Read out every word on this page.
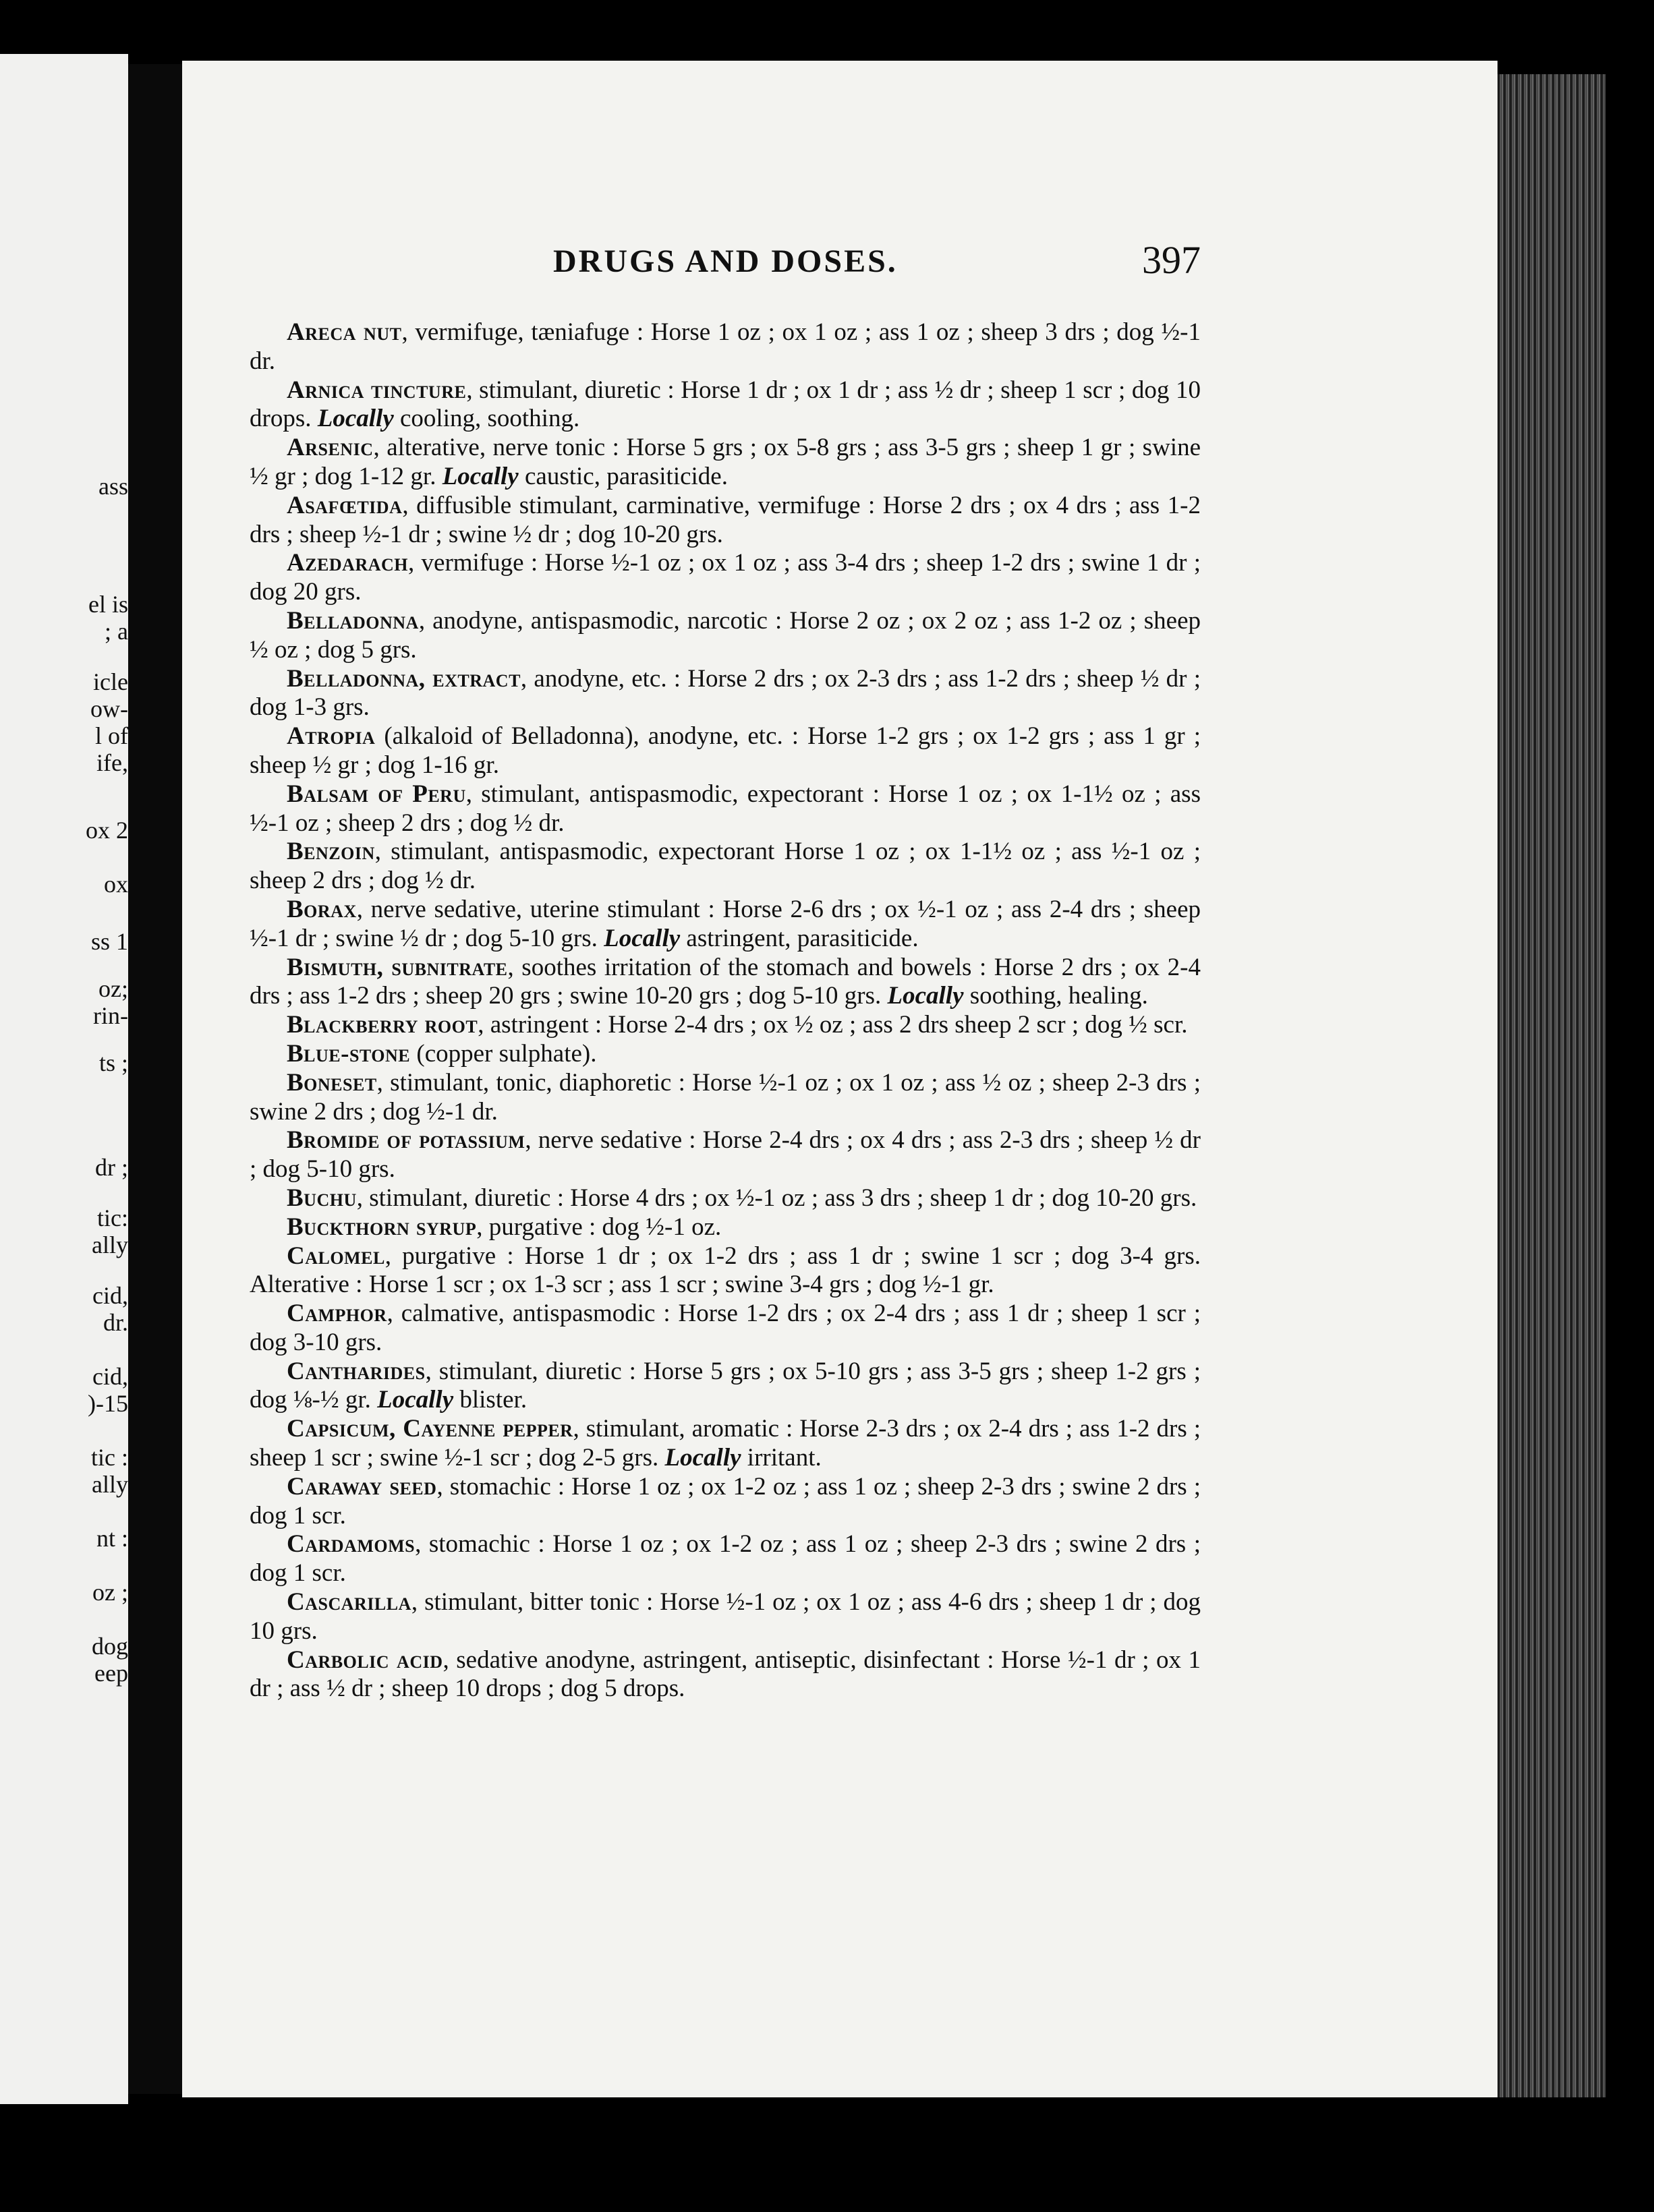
ass
el is
; a
icle
ow-
l of
ife,
ox 2
ox
ss 1
oz;
rin-
ts ;
dr ;
tic:
ally
cid,
dr.
cid,
)-15
tic :
ally
nt :
oz ;
dog
eep
DRUGS AND DOSES.	397

Areca nut, vermifuge, tæniafuge : Horse 1 oz ; ox 1 oz ; ass 1 oz ; sheep 3 drs ; dog ½-1 dr.

Arnica tincture, stimulant, diuretic : Horse 1 dr ; ox 1 dr ; ass ½ dr ; sheep 1 scr ; dog 10 drops. Locally cooling, soothing.

Arsenic, alterative, nerve tonic : Horse 5 grs ; ox 5-8 grs ; ass 3-5 grs ; sheep 1 gr ; swine ½ gr ; dog 1-12 gr. Locally caustic, parasiticide.

Asafœtida, diffusible stimulant, carminative, vermifuge : Horse 2 drs ; ox 4 drs ; ass 1-2 drs ; sheep ½-1 dr ; swine ½ dr ; dog 10-20 grs.

Azedarach, vermifuge : Horse ½-1 oz ; ox 1 oz ; ass 3-4 drs ; sheep 1-2 drs ; swine 1 dr ; dog 20 grs.

Belladonna, anodyne, antispasmodic, narcotic : Horse 2 oz ; ox 2 oz ; ass 1-2 oz ; sheep ½ oz ; dog 5 grs.

Belladonna, extract, anodyne, etc. : Horse 2 drs ; ox 2-3 drs ; ass 1-2 drs ; sheep ½ dr ; dog 1-3 grs.

Atropia (alkaloid of Belladonna), anodyne, etc. : Horse 1-2 grs ; ox 1-2 grs ; ass 1 gr ; sheep ½ gr ; dog 1-16 gr.

Balsam of Peru, stimulant, antispasmodic, expectorant : Horse 1 oz ; ox 1-1½ oz ; ass ½-1 oz ; sheep 2 drs ; dog ½ dr.

Benzoin, stimulant, antispasmodic, expectorant Horse 1 oz ; ox 1-1½ oz ; ass ½-1 oz ; sheep 2 drs ; dog ½ dr.

Borax, nerve sedative, uterine stimulant : Horse 2-6 drs ; ox ½-1 oz ; ass 2-4 drs ; sheep ½-1 dr ; swine ½ dr ; dog 5-10 grs. Locally astringent, parasiticide.

Bismuth, subnitrate, soothes irritation of the stomach and bowels : Horse 2 drs ; ox 2-4 drs ; ass 1-2 drs ; sheep 20 grs ; swine 10-20 grs ; dog 5-10 grs. Locally soothing, healing.

Blackberry root, astringent : Horse 2-4 drs ; ox ½ oz ; ass 2 drs sheep 2 scr ; dog ½ scr.

Blue-stone (copper sulphate).

Boneset, stimulant, tonic, diaphoretic : Horse ½-1 oz ; ox 1 oz ; ass ½ oz ; sheep 2-3 drs ; swine 2 drs ; dog ½-1 dr.

Bromide of potassium, nerve sedative : Horse 2-4 drs ; ox 4 drs ; ass 2-3 drs ; sheep ½ dr ; dog 5-10 grs.

Buchu, stimulant, diuretic : Horse 4 drs ; ox ½-1 oz ; ass 3 drs ; sheep 1 dr ; dog 10-20 grs.

Buckthorn syrup, purgative : dog ½-1 oz.

Calomel, purgative : Horse 1 dr ; ox 1-2 drs ; ass 1 dr ; swine 1 scr ; dog 3-4 grs. Alterative : Horse 1 scr ; ox 1-3 scr ; ass 1 scr ; swine 3-4 grs ; dog ½-1 gr.

Camphor, calmative, antispasmodic : Horse 1-2 drs ; ox 2-4 drs ; ass 1 dr ; sheep 1 scr ; dog 3-10 grs.

Cantharides, stimulant, diuretic : Horse 5 grs ; ox 5-10 grs ; ass 3-5 grs ; sheep 1-2 grs ; dog ⅛-½ gr. Locally blister.

Capsicum, Cayenne pepper, stimulant, aromatic : Horse 2-3 drs ; ox 2-4 drs ; ass 1-2 drs ; sheep 1 scr ; swine ½-1 scr ; dog 2-5 grs. Locally irritant.

Caraway seed, stomachic : Horse 1 oz ; ox 1-2 oz ; ass 1 oz ; sheep 2-3 drs ; swine 2 drs ; dog 1 scr.

Cardamoms, stomachic : Horse 1 oz ; ox 1-2 oz ; ass 1 oz ; sheep 2-3 drs ; swine 2 drs ; dog 1 scr.

Cascarilla, stimulant, bitter tonic : Horse ½-1 oz ; ox 1 oz ; ass 4-6 drs ; sheep 1 dr ; dog 10 grs.

Carbolic acid, sedative anodyne, astringent, antiseptic, disinfectant : Horse ½-1 dr ; ox 1 dr ; ass ½ dr ; sheep 10 drops ; dog 5 drops.
